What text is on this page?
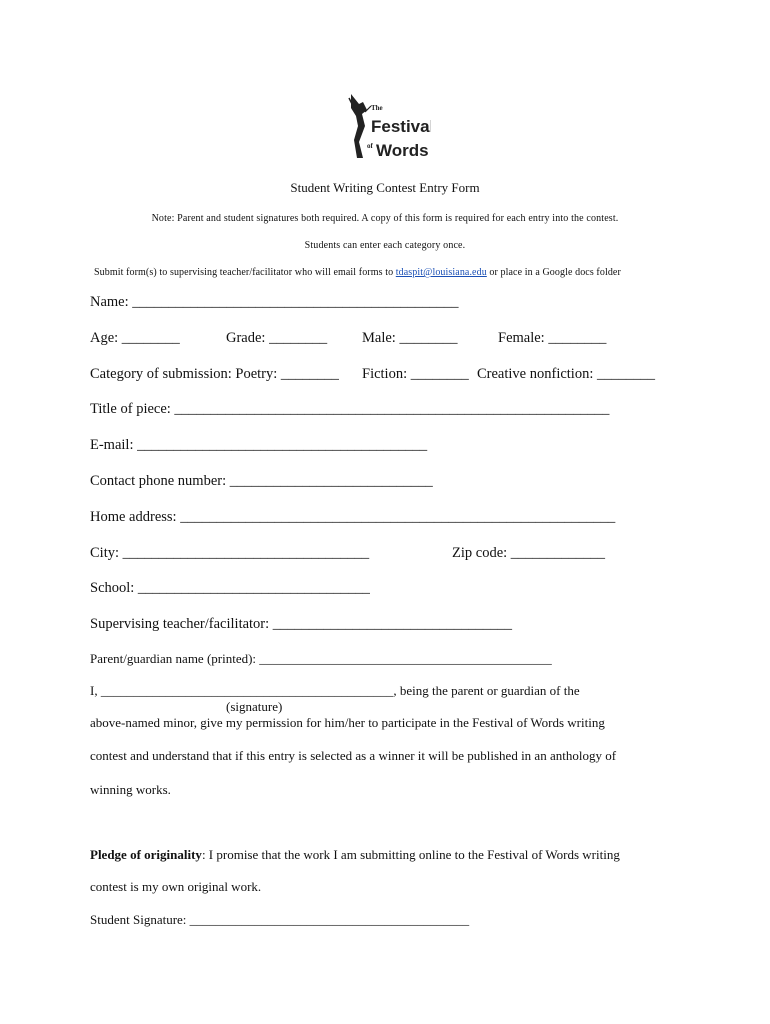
The
Festival
of Words
Student Writing Contest Entry Form
Note: Parent and student signatures both required. A copy of this form is required for each entry into the contest.
Students can enter each category once.
Submit form(s) to supervising teacher/facilitator who will email forms to tdaspit@louisiana.edu or place in a Google docs folder
Name: _____________________________________________
Age: ________	Grade: ________ Male: ________	Female: ________
Category of submission: Poetry: ________ Fiction: ________ Creative nonfiction: ________
Title of piece: ____________________________________________________________
E-mail: ________________________________________
Contact phone number: ____________________________
Home address: ____________________________________________________________
City: __________________________________	Zip code: _____________
School: ________________________________
Supervising teacher/facilitator: _________________________________
Parent/guardian name (printed): _____________________________________________
I, _____________________________________________, being the parent or guardian of the
(signature)
above-named minor, give my permission for him/her to participate in the Festival of Words writing
contest and understand that if this entry is selected as a winner it will be published in an anthology of
winning works.
Pledge of originality: I promise that the work I am submitting online to the Festival of Words writing
contest is my own original work.
Student Signature: ___________________________________________
